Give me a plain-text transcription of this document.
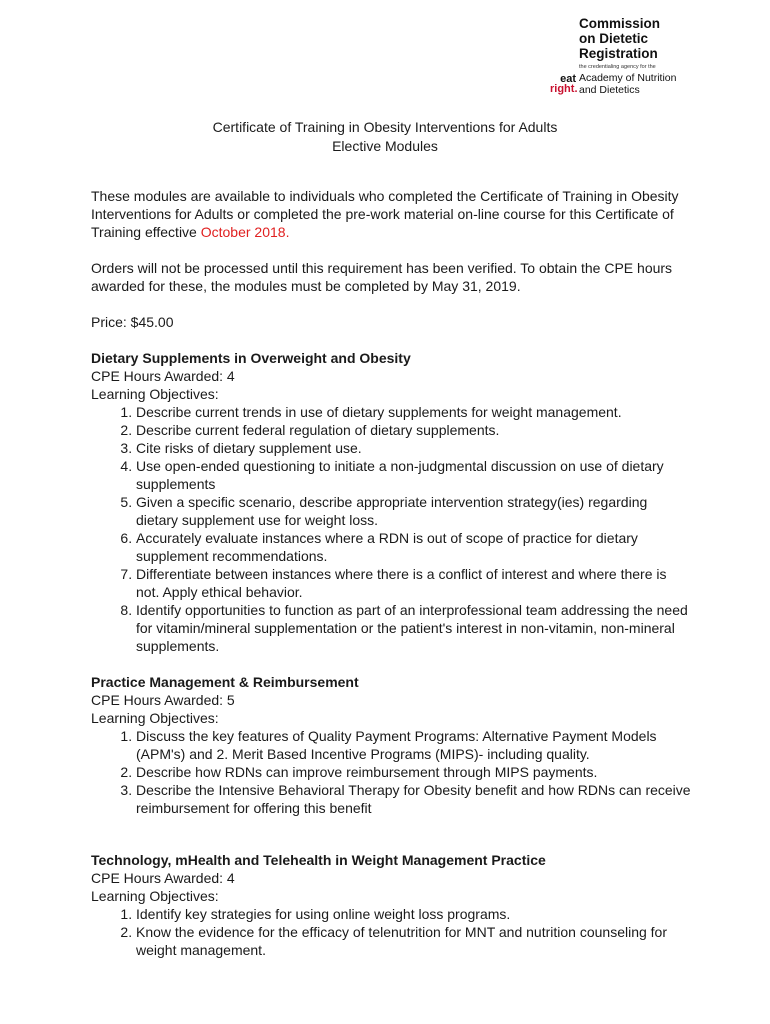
Commission
on Dietetic
Registration
the credentialing agency for the
eat
right.
Academy of Nutrition
and Dietetics
Certificate of Training in Obesity Interventions for Adults
Elective Modules

These modules are available to individuals who completed the Certificate of Training in Obesity Interventions for Adults or completed the pre-work material on-line course for this Certificate of Training effective October 2018.

Orders will not be processed until this requirement has been verified. To obtain the CPE hours awarded for these, the modules must be completed by May 31, 2019.

Price: $45.00

Dietary Supplements in Overweight and Obesity
CPE Hours Awarded: 4
Learning Objectives:
1. Describe current trends in use of dietary supplements for weight management.
2. Describe current federal regulation of dietary supplements.
3. Cite risks of dietary supplement use.
4. Use open-ended questioning to initiate a non-judgmental discussion on use of dietary supplements
5. Given a specific scenario, describe appropriate intervention strategy(ies) regarding dietary supplement use for weight loss.
6. Accurately evaluate instances where a RDN is out of scope of practice for dietary supplement recommendations.
7. Differentiate between instances where there is a conflict of interest and where there is not. Apply ethical behavior.
8. Identify opportunities to function as part of an interprofessional team addressing the need for vitamin/mineral supplementation or the patient's interest in non-vitamin, non-mineral supplements.
Practice Management & Reimbursement
CPE Hours Awarded: 5
Learning Objectives:
1. Discuss the key features of Quality Payment Programs: Alternative Payment Models (APM's) and 2. Merit Based Incentive Programs (MIPS)- including quality.
2. Describe how RDNs can improve reimbursement through MIPS payments.
3. Describe the Intensive Behavioral Therapy for Obesity benefit and how RDNs can receive reimbursement for offering this benefit
Technology, mHealth and Telehealth in Weight Management Practice
CPE Hours Awarded: 4
Learning Objectives:
1. Identify key strategies for using online weight loss programs.
2. Know the evidence for the efficacy of telenutrition for MNT and nutrition counseling for weight management.
